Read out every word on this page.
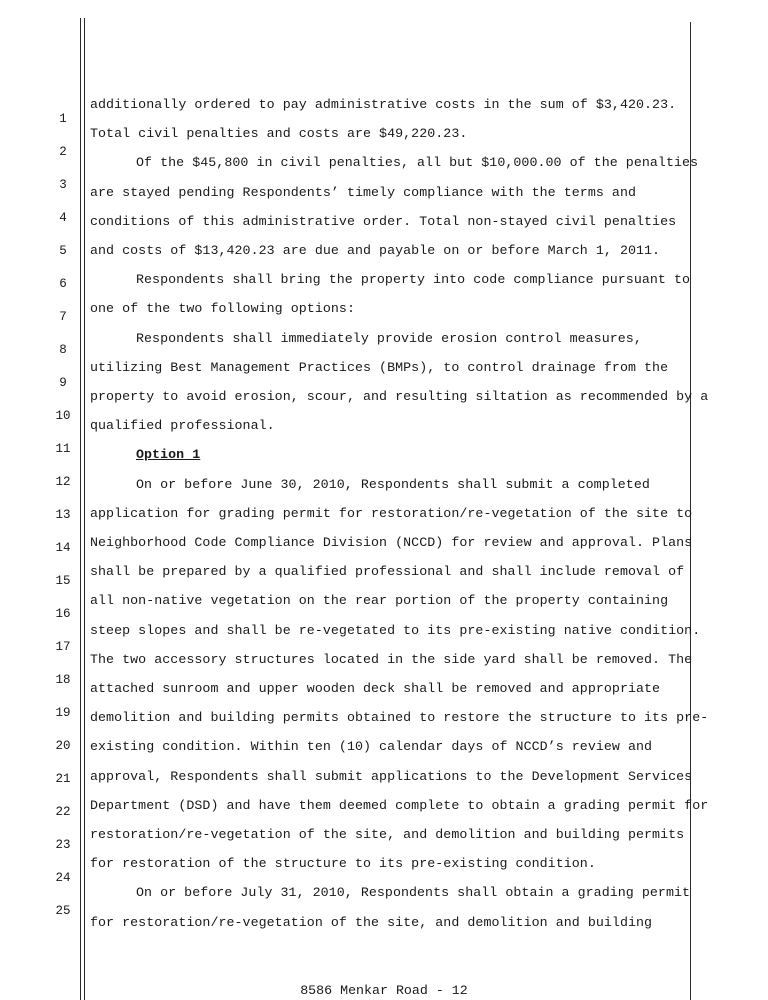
1
2
3
4
5
6
7
8
9
10
11
12
13
14
15
16
17
18
19
20
21
22
23
24
25
additionally ordered to pay administrative costs in the sum of $3,420.23.
Total civil penalties and costs are $49,220.23.
Of the $45,800 in civil penalties, all but $10,000.00 of the penalties
are stayed pending Respondents’ timely compliance with the terms and
conditions of this administrative order. Total non-stayed civil penalties
and costs of $13,420.23 are due and payable on or before March 1, 2011.
Respondents shall bring the property into code compliance pursuant to
one of the two following options:
Respondents shall immediately provide erosion control measures,
utilizing Best Management Practices (BMPs), to control drainage from the
property to avoid erosion, scour, and resulting siltation as recommended by a
qualified professional.
Option 1
On or before June 30, 2010, Respondents shall submit a completed
application for grading permit for restoration/re-vegetation of the site to
Neighborhood Code Compliance Division (NCCD) for review and approval. Plans
shall be prepared by a qualified professional and shall include removal of
all non-native vegetation on the rear portion of the property containing
steep slopes and shall be re-vegetated to its pre-existing native condition.
The two accessory structures located in the side yard shall be removed. The
attached sunroom and upper wooden deck shall be removed and appropriate
demolition and building permits obtained to restore the structure to its pre-
existing condition. Within ten (10) calendar days of NCCD’s review and
approval, Respondents shall submit applications to the Development Services
Department (DSD) and have them deemed complete to obtain a grading permit for
restoration/re-vegetation of the site, and demolition and building permits
for restoration of the structure to its pre-existing condition.
On or before July 31, 2010, Respondents shall obtain a grading permit
for restoration/re-vegetation of the site, and demolition and building
8586 Menkar Road - 12
